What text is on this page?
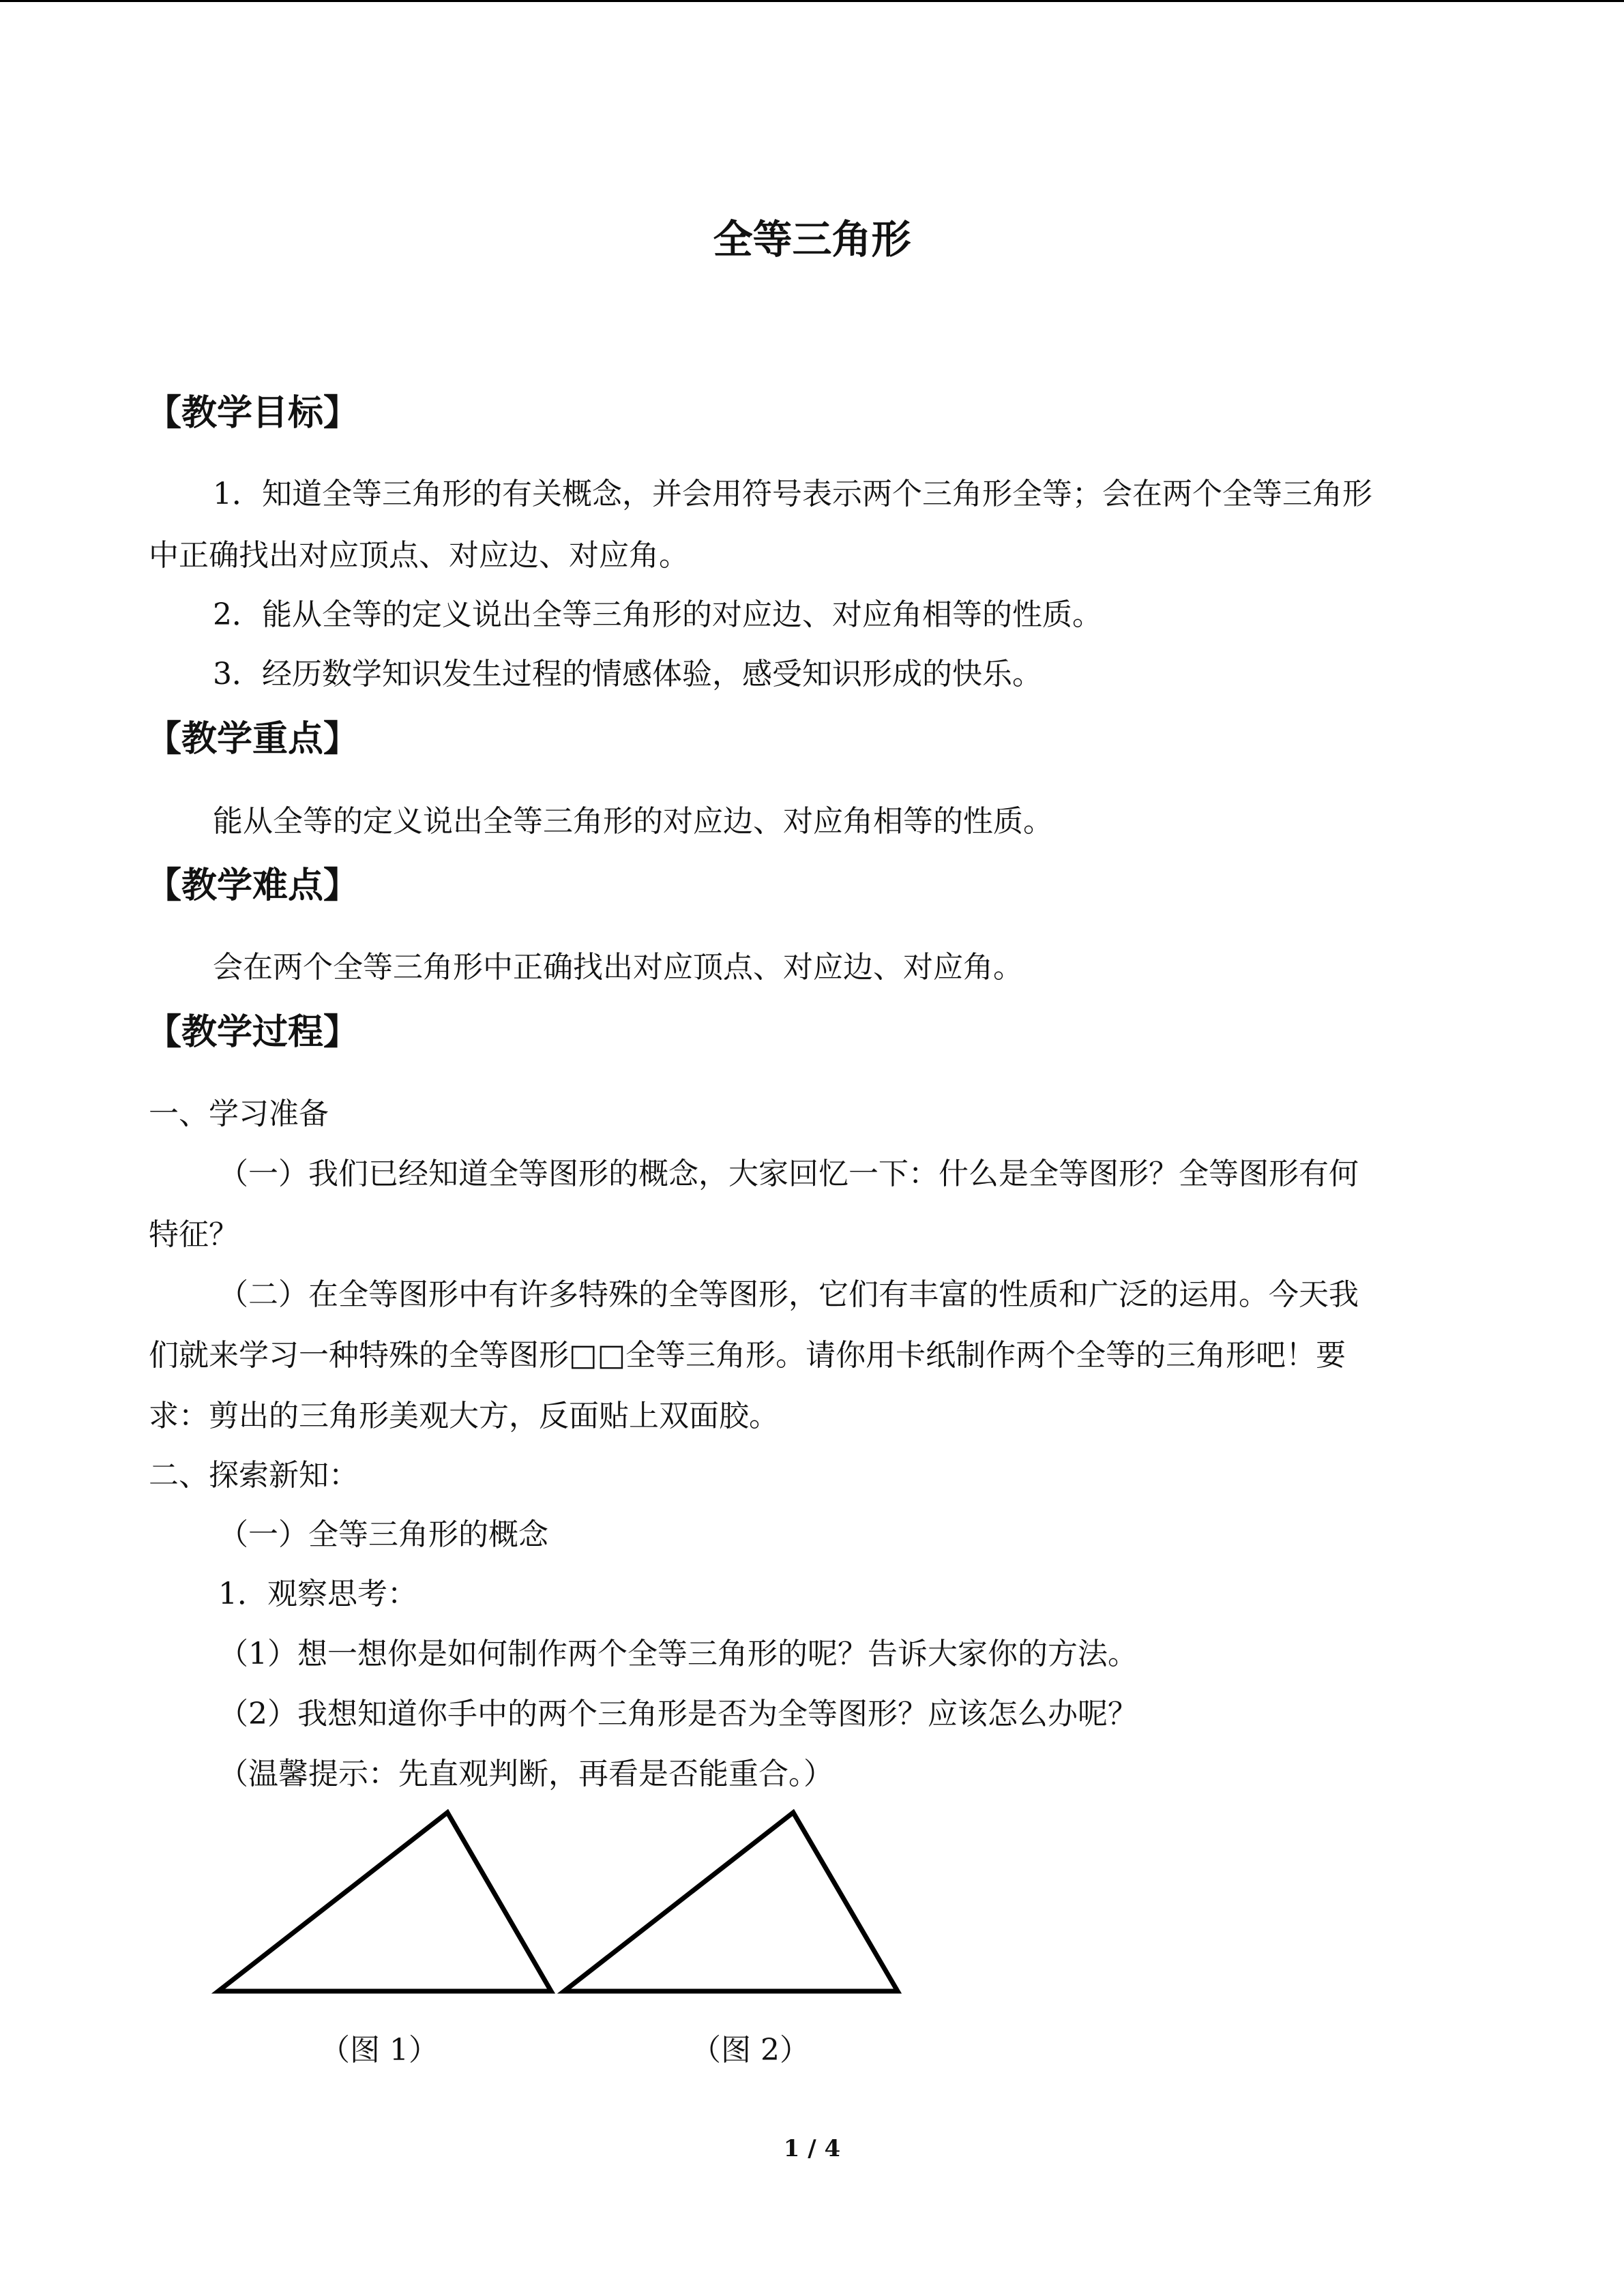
全等三角形
【教学目标】
1．知道全等三角形的有关概念，并会用符号表示两个三角形全等；会在两个全等三角形
中正确找出对应顶点、对应边、对应角。
2．能从全等的定义说出全等三角形的对应边、对应角相等的性质。
3．经历数学知识发生过程的情感体验，感受知识形成的快乐。
【教学重点】
能从全等的定义说出全等三角形的对应边、对应角相等的性质。
【教学难点】
会在两个全等三角形中正确找出对应顶点、对应边、对应角。
【教学过程】
一、学习准备
（一）我们已经知道全等图形的概念，大家回忆一下：什么是全等图形？全等图形有何
特征？
（二）在全等图形中有许多特殊的全等图形，它们有丰富的性质和广泛的运用。今天我
们就来学习一种特殊的全等图形□□全等三角形。请你用卡纸制作两个全等的三角形吧！要
求：剪出的三角形美观大方，反面贴上双面胶。
二、探索新知：
（一）全等三角形的概念
1．观察思考：
（1）想一想你是如何制作两个全等三角形的呢？告诉大家你的方法。
（2）我想知道你手中的两个三角形是否为全等图形？应该怎么办呢？
（温馨提示：先直观判断，再看是否能重合。）
（图 1）	（图 2）
1 / 4
